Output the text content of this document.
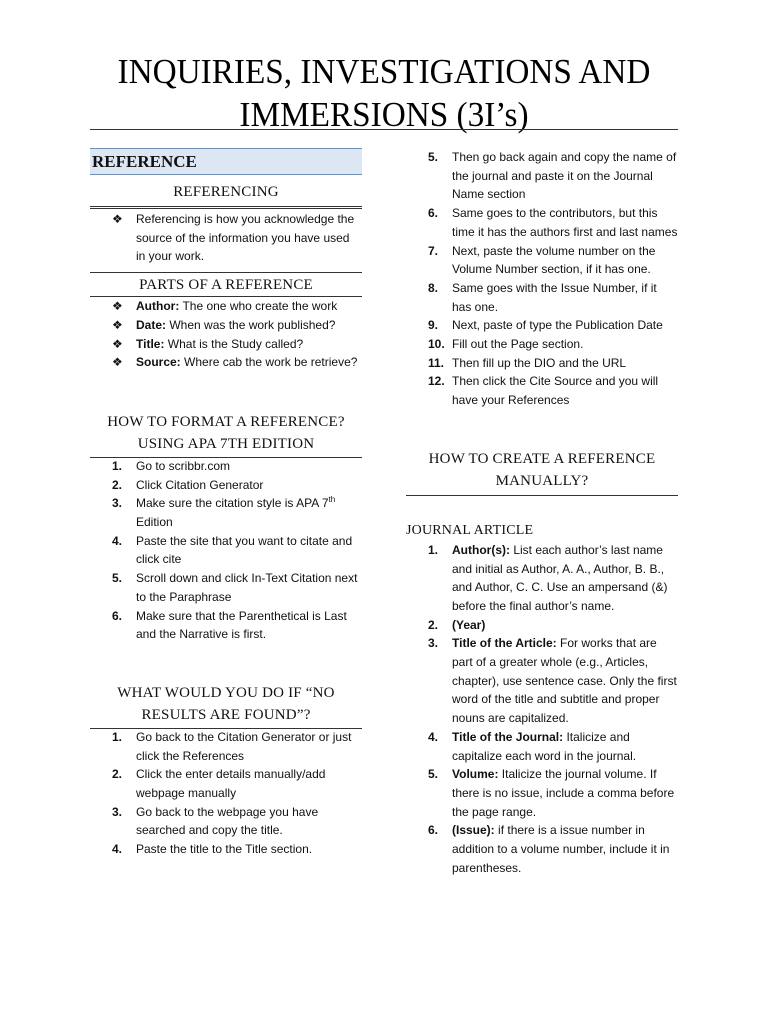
INQUIRIES, INVESTIGATIONS AND
IMMERSIONS (3I’s)
REFERENCE
REFERENCING
❖ Referencing is how you acknowledge the source of the information you have used in your work.
PARTS OF A REFERENCE
❖ Author: The one who create the work
❖ Date: When was the work published?
❖ Title: What is the Study called?
❖ Source: Where cab the work be retrieve?
HOW TO FORMAT A REFERENCE? USING APA 7TH EDITION
1.	Go to scribbr.com
2.	Click Citation Generator
3.	Make sure the citation style is APA 7th Edition
4.	Paste the site that you want to citate and click cite
5.	Scroll down and click In-Text Citation next to the Paraphrase
6.	Make sure that the Parenthetical is Last and the Narrative is first.
WHAT WOULD YOU DO IF “NO RESULTS ARE FOUND”?
1.	Go back to the Citation Generator or just click the References
2.	Click the enter details manually/add webpage manually
3.	Go back to the webpage you have searched and copy the title.
4.	Paste the title to the Title section.
5.	Then go back again and copy the name of the journal and paste it on the Journal Name section
6.	Same goes to the contributors, but this time it has the authors first and last names
7.	Next, paste the volume number on the Volume Number section, if it has one.
8.	Same goes with the Issue Number, if it has one.
9.	Next, paste of type the Publication Date
10. Fill out the Page section.
11. Then fill up the DIO and the URL
12. Then click the Cite Source and you will have your References
HOW TO CREATE A REFERENCE MANUALLY?
JOURNAL ARTICLE
1.	Author(s): List each author’s last name and initial as Author, A. A., Author, B. B., and Author, C. C. Use an ampersand (&) before the final author’s name.
2.	(Year)
3.	Title of the Article: For works that are part of a greater whole (e.g., Articles, chapter), use sentence case. Only the first word of the title and subtitle and proper nouns are capitalized.
4.	Title of the Journal: Italicize and capitalize each word in the journal.
5.	Volume: Italicize the journal volume. If there is no issue, include a comma before the page range.
6.	(Issue): if there is a issue number in addition to a volume number, include it in parentheses.
